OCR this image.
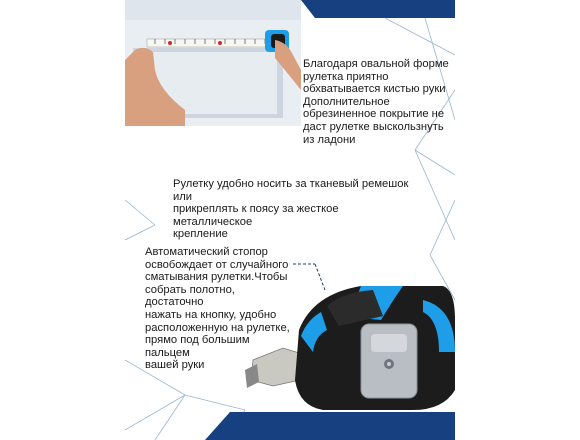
Благодаря овальной форме
рулетка приятно
обхватывается кистью руки
Дополнительное
обрезиненное покрытие не
даст рулетке выскользнуть
из ладони
Рулетку удобно носить за тканевый ремешок или
прикреплять к поясу за жесткое металлическое
крепление
Автоматический стопор
освобождает от случайного
сматывания рулетки.Чтобы
собрать полотно, достаточно
нажать на кнопку, удобно
расположенную на рулетке,
прямо под большим пальцем
вашей руки
